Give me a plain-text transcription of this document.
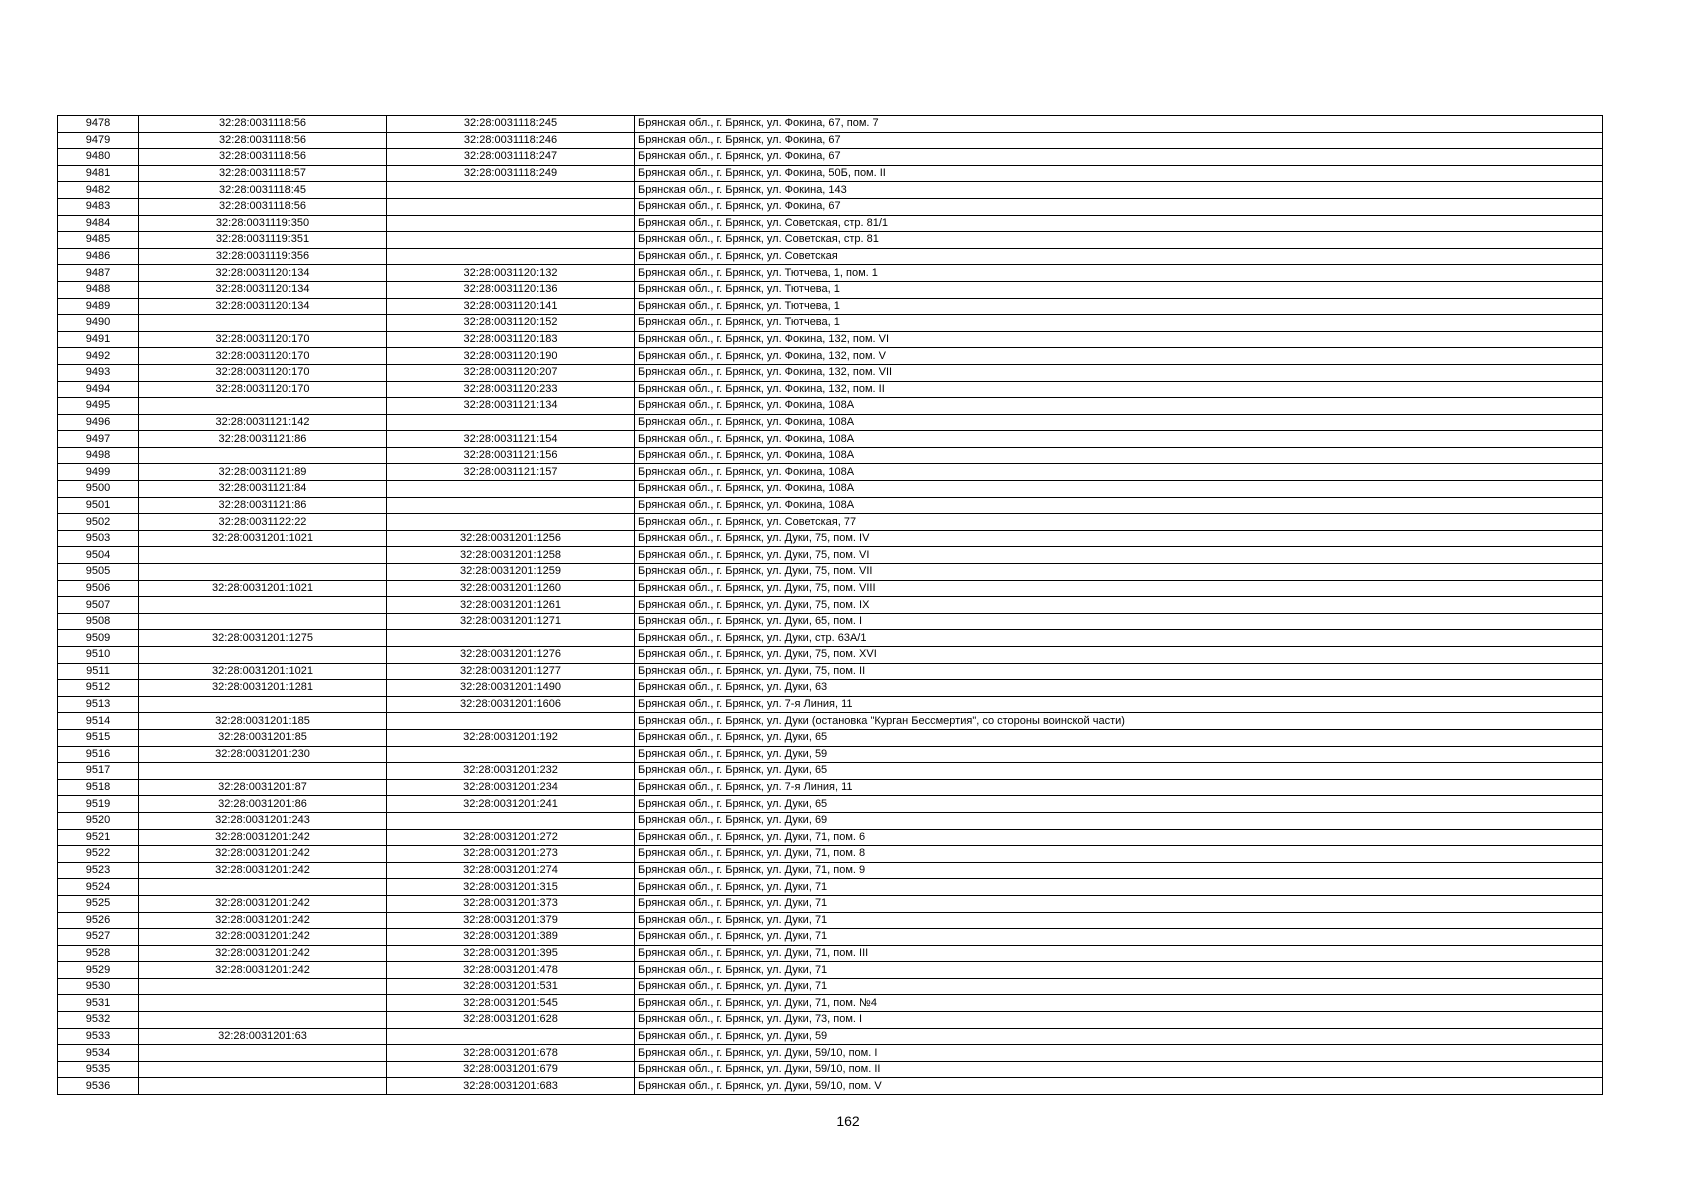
9478	32:28:0031118:56	32:28:0031118:245	Брянская обл., г. Брянск, ул. Фокина, 67, пом. 7
9479	32:28:0031118:56	32:28:0031118:246	Брянская обл., г. Брянск, ул. Фокина, 67
9480	32:28:0031118:56	32:28:0031118:247	Брянская обл., г. Брянск, ул. Фокина, 67
9481	32:28:0031118:57	32:28:0031118:249	Брянская обл., г. Брянск, ул. Фокина, 50Б, пом. II
9482	32:28:0031118:45		Брянская обл., г. Брянск, ул. Фокина, 143
9483	32:28:0031118:56		Брянская обл., г. Брянск, ул. Фокина, 67
9484	32:28:0031119:350		Брянская обл., г. Брянск, ул. Советская, стр. 81/1
9485	32:28:0031119:351		Брянская обл., г. Брянск, ул. Советская, стр. 81
9486	32:28:0031119:356		Брянская обл., г. Брянск, ул. Советская
9487	32:28:0031120:134	32:28:0031120:132	Брянская обл., г. Брянск, ул. Тютчева, 1, пом. 1
9488	32:28:0031120:134	32:28:0031120:136	Брянская обл., г. Брянск, ул. Тютчева, 1
9489	32:28:0031120:134	32:28:0031120:141	Брянская обл., г. Брянск, ул. Тютчева, 1
9490		32:28:0031120:152	Брянская обл., г. Брянск, ул. Тютчева, 1
9491	32:28:0031120:170	32:28:0031120:183	Брянская обл., г. Брянск, ул. Фокина, 132, пом. VI
9492	32:28:0031120:170	32:28:0031120:190	Брянская обл., г. Брянск, ул. Фокина, 132, пом. V
9493	32:28:0031120:170	32:28:0031120:207	Брянская обл., г. Брянск, ул. Фокина, 132, пом. VII
9494	32:28:0031120:170	32:28:0031120:233	Брянская обл., г. Брянск, ул. Фокина, 132, пом. II
9495		32:28:0031121:134	Брянская обл., г. Брянск, ул. Фокина, 108А
9496	32:28:0031121:142		Брянская обл., г. Брянск, ул. Фокина, 108А
9497	32:28:0031121:86	32:28:0031121:154	Брянская обл., г. Брянск, ул. Фокина, 108А
9498		32:28:0031121:156	Брянская обл., г. Брянск, ул. Фокина, 108А
9499	32:28:0031121:89	32:28:0031121:157	Брянская обл., г. Брянск, ул. Фокина, 108А
9500	32:28:0031121:84		Брянская обл., г. Брянск, ул. Фокина, 108А
9501	32:28:0031121:86		Брянская обл., г. Брянск, ул. Фокина, 108А
9502	32:28:0031122:22		Брянская обл., г. Брянск, ул. Советская, 77
9503	32:28:0031201:1021	32:28:0031201:1256	Брянская обл., г. Брянск, ул. Дуки, 75, пом. IV
9504		32:28:0031201:1258	Брянская обл., г. Брянск, ул. Дуки, 75, пом. VI
9505		32:28:0031201:1259	Брянская обл., г. Брянск, ул. Дуки, 75, пом. VII
9506	32:28:0031201:1021	32:28:0031201:1260	Брянская обл., г. Брянск, ул. Дуки, 75, пом. VIII
9507		32:28:0031201:1261	Брянская обл., г. Брянск, ул. Дуки, 75, пом. IX
9508		32:28:0031201:1271	Брянская обл., г. Брянск, ул. Дуки, 65, пом. I
9509	32:28:0031201:1275		Брянская обл., г. Брянск, ул. Дуки, стр. 63А/1
9510		32:28:0031201:1276	Брянская обл., г. Брянск, ул. Дуки, 75, пом. XVI
9511	32:28:0031201:1021	32:28:0031201:1277	Брянская обл., г. Брянск, ул. Дуки, 75, пом. II
9512	32:28:0031201:1281	32:28:0031201:1490	Брянская обл., г. Брянск, ул. Дуки, 63
9513		32:28:0031201:1606	Брянская обл., г. Брянск, ул. 7-я Линия, 11
9514	32:28:0031201:185		Брянская обл., г. Брянск, ул. Дуки (остановка "Курган Бессмертия", со стороны воинской части)
9515	32:28:0031201:85	32:28:0031201:192	Брянская обл., г. Брянск, ул. Дуки, 65
9516	32:28:0031201:230		Брянская обл., г. Брянск, ул. Дуки, 59
9517		32:28:0031201:232	Брянская обл., г. Брянск, ул. Дуки, 65
9518	32:28:0031201:87	32:28:0031201:234	Брянская обл., г. Брянск, ул. 7-я Линия, 11
9519	32:28:0031201:86	32:28:0031201:241	Брянская обл., г. Брянск, ул. Дуки, 65
9520	32:28:0031201:243		Брянская обл., г. Брянск, ул. Дуки, 69
9521	32:28:0031201:242	32:28:0031201:272	Брянская обл., г. Брянск, ул. Дуки, 71, пом. 6
9522	32:28:0031201:242	32:28:0031201:273	Брянская обл., г. Брянск, ул. Дуки, 71, пом. 8
9523	32:28:0031201:242	32:28:0031201:274	Брянская обл., г. Брянск, ул. Дуки, 71, пом. 9
9524		32:28:0031201:315	Брянская обл., г. Брянск, ул. Дуки, 71
9525	32:28:0031201:242	32:28:0031201:373	Брянская обл., г. Брянск, ул. Дуки, 71
9526	32:28:0031201:242	32:28:0031201:379	Брянская обл., г. Брянск, ул. Дуки, 71
9527	32:28:0031201:242	32:28:0031201:389	Брянская обл., г. Брянск, ул. Дуки, 71
9528	32:28:0031201:242	32:28:0031201:395	Брянская обл., г. Брянск, ул. Дуки, 71, пом. III
9529	32:28:0031201:242	32:28:0031201:478	Брянская обл., г. Брянск, ул. Дуки, 71
9530		32:28:0031201:531	Брянская обл., г. Брянск, ул. Дуки, 71
9531		32:28:0031201:545	Брянская обл., г. Брянск, ул. Дуки, 71, пом. №4
9532		32:28:0031201:628	Брянская обл., г. Брянск, ул. Дуки, 73, пом. I
9533	32:28:0031201:63		Брянская обл., г. Брянск, ул. Дуки, 59
9534		32:28:0031201:678	Брянская обл., г. Брянск, ул. Дуки, 59/10, пом. I
9535		32:28:0031201:679	Брянская обл., г. Брянск, ул. Дуки, 59/10, пом. II
9536		32:28:0031201:683	Брянская обл., г. Брянск, ул. Дуки, 59/10, пом. V
162
